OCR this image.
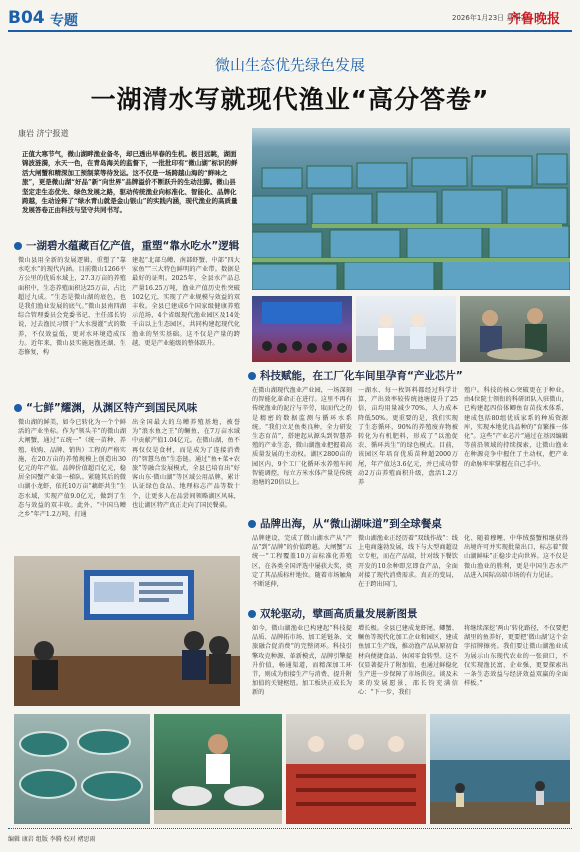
B04 专题	2026年1月23日 星期五
齐鲁晚报
微山生态优先绿色发展
一湖清水写就现代渔业“高分答卷”
康岩 济宁报道
正值大寒节气，微山湖畔渔业备冬，却已透出早春的生机。极目远眺，湖面锦波涟漪，水天一色，在青岛海关的监督下，一批批印有“微山湖”标识的鲜活大闸蟹和精深加工预制菜等待发运。这不仅是一场跨越山海的“鲜味之旅”，更是微山湖“好品”新“向世界”品牌溢价不断跃升的生动注脚。微山县坚定走生态优先、绿色发展之路，驱动传统渔业向标准化、智能化、品牌化跨越，生动诠释了“绿水青山就是金山银山”的实践内涵，现代渔业的高质量发展答卷正由科技与坚守共同书写。
一湖碧水蕴藏百亿产值，重塑“靠水吃水”逻辑
微山县用全新的发展逻辑，重塑了“靠水吃水”的现代内涵。目前微山1266平方公里的优质水域上，27.3万亩的养殖面积中，生态养殖面积达25万亩，占比超过九成。“生态是微山湖的底色，也是我们渔业发展的底气。”微山县南四湖综合管理委员会党委书记、主任邵长钧说，过去渔民习惯于“大水漫灌”式的数养，不仅效益低，更对水环境造成压力。近年来，微山县实施退渔还湖、生态修复，构
建起“北部乌鳢、南部虾蟹、中部“四大家鱼”“三大特色鲜明的产业带。数据是最好的证明。2025年，全县水产品总产量16.25万吨，渔业产值历史性突破102亿元，实现了产业规模与效益的双丰收。全县已建成6个国家级健康养殖示范场，4个省级现代渔业园区及14处千亩以上生态园区，共同构建起现代化渔业的坚实基础。这不仅是产量的跨越，更是产业能级的整体跃升。
“七鲜”耀渊，从渊区特产到国民风味
微山湖的鲜美，如今已转化为一个个鲜活的产业坐标。作为“领头羊”的微山湖大闸蟹，通过“五统一”（统一苗种、养殖、收购、品牌、销售）工程的严格实施，在20万亩的养殖规模上创造出30亿元的年产值。品牌价值超百亿元，稳居全国蟹产业第一梯队。紧随其后的微山湖小龙虾，依托10万亩“藕虾共生”生态水域，实现产值9.0亿元，做到了生态与效益的双丰收。此外，“中国乌鳢之乡”年产1.2万吨，打通
出全国最大的乌鳢养殖基地，被誉为“浪水鱼之王”的鳜鱼，在7万亩水域中贡献产值1.04亿元。在微山湖，鱼不再仅仅是食材，而是成为了连接消费的“智慧鸟鱼”生态链。通过“鱼+菜+农旅”等融合发展模式，全县已培育出“好客山东·微山湖”等区域公用品牌，累计认证绿色食品、地理标志产品等数十个，让更多人在品尝间领略湖区风味，也让湖区特产真正走向了国民餐桌。
科技赋能，在工厂化车间里孕育“产业芯片”
在微山湖现代渔业产业园，一场深刻的智能化革命正在进行。这里不再有传统渔业的泥泞与辛劳，取而代之的是精密的数据监测与循环水系统。“我们立足鱼类良种，全力研发生态育苗”，搭建起从源头到智慧养殖的产业生态，微山湖渔业把握着高质量发展的主动权。湖区2800亩的园区内，9个工厂化循环水养殖车间智能调控，每立方米水体产量是传统池塘的20倍以上。
一湖水、每一枚饵料都经过科学计算，产出效率较传统池塘提升了25倍，亩均用量减少70%，人力成本降低50%。更重要的是，我们实现了生态循环，90%的养殖废弃物被转化为有机肥料，形成了“以渔促农、循环共生”的绿色模式。目前，该园区年培育优质苗种超2000万尾，年产值达3.6亿元，并已成功带动2万亩养殖面积升级，盘活1.2万养
殖户。科技的核心突破更在于种业。由4位院士领衔的科研团队入驻微山，已构建起四倍体鲫鱼育苗技术体系，建成包括80组优质家系的种质资源库，实现本地优良品种的“育繁推一体化”。这些“产业芯片”通过在基因编辑等前沿领域的持续探索，让微山渔业在种源竞争中握住了主动权，把产业的命脉牢牢掌握在自己手中。
品牌出海，从“微山湖味道”到全球餐桌
品牌建设，完成了微山湖水产从“产品”到“品牌”的价值跨越。大闸蟹“五统一”工程覆盖10万亩标准化养殖区，在各类全国评选中屡获大奖，奠定了其品质标杆地位。随着市场触角不断延伸，
微山湖渔业正经历着“双线作战”：线上电商蓬勃发展，线下与大型商超设立专柜，而在产品端，针对线下餐饮开发的10余种即烹即食产品，全面对接了现代消费需求。真正的变局，在于跨出国门，
化、随着穆鲤、中华绒螯蟹相继获得出境许可并实现批量出口，标志着“微山湖鲜味”正稳步走向世界。这不仅是微山渔业的胜利，更是中国生态水产品进入国际高端市场的有力见证。
双轮驱动，擘画高质量发展新图景
如今，微山湖渔业已构建起“科技提品质、品牌拓市场、加工延链条、文旅融合促消费”的完整闭环。科技引擎攻克种源、革新模式，品牌引擎提升价值，畅通渠道，而精深加工环节，则成为衔接生产与消费、提升附加值的关键枢纽。加工板块正成长为新的
增长极。全县已建成龙虾尾、鲫蟹、鳜鱼等现代化加工企业和园区，建成鱼加工生产线，推动渔产品从原初食材向便捷食品、休闲零食转型。这不仅显著提升了附加值，也通过鲜稳化生产进一步保障了市场供应。谈及未来的发展愿景，邵长钧充满信心：“下一步，我们
将继续深挖‘两山’转化路径，不仅要把湖里的鱼养好，更要把‘微山湖’这个金字招牌擦亮。我们要让微山湖渔业成为展示山东现代农业的一张窗口，不仅实现渔民富、企业强，更要探索出一条生态效益与经济效益双赢的全面样板。”
编辑 康岩 组版 李腾 校对 褚思雨
